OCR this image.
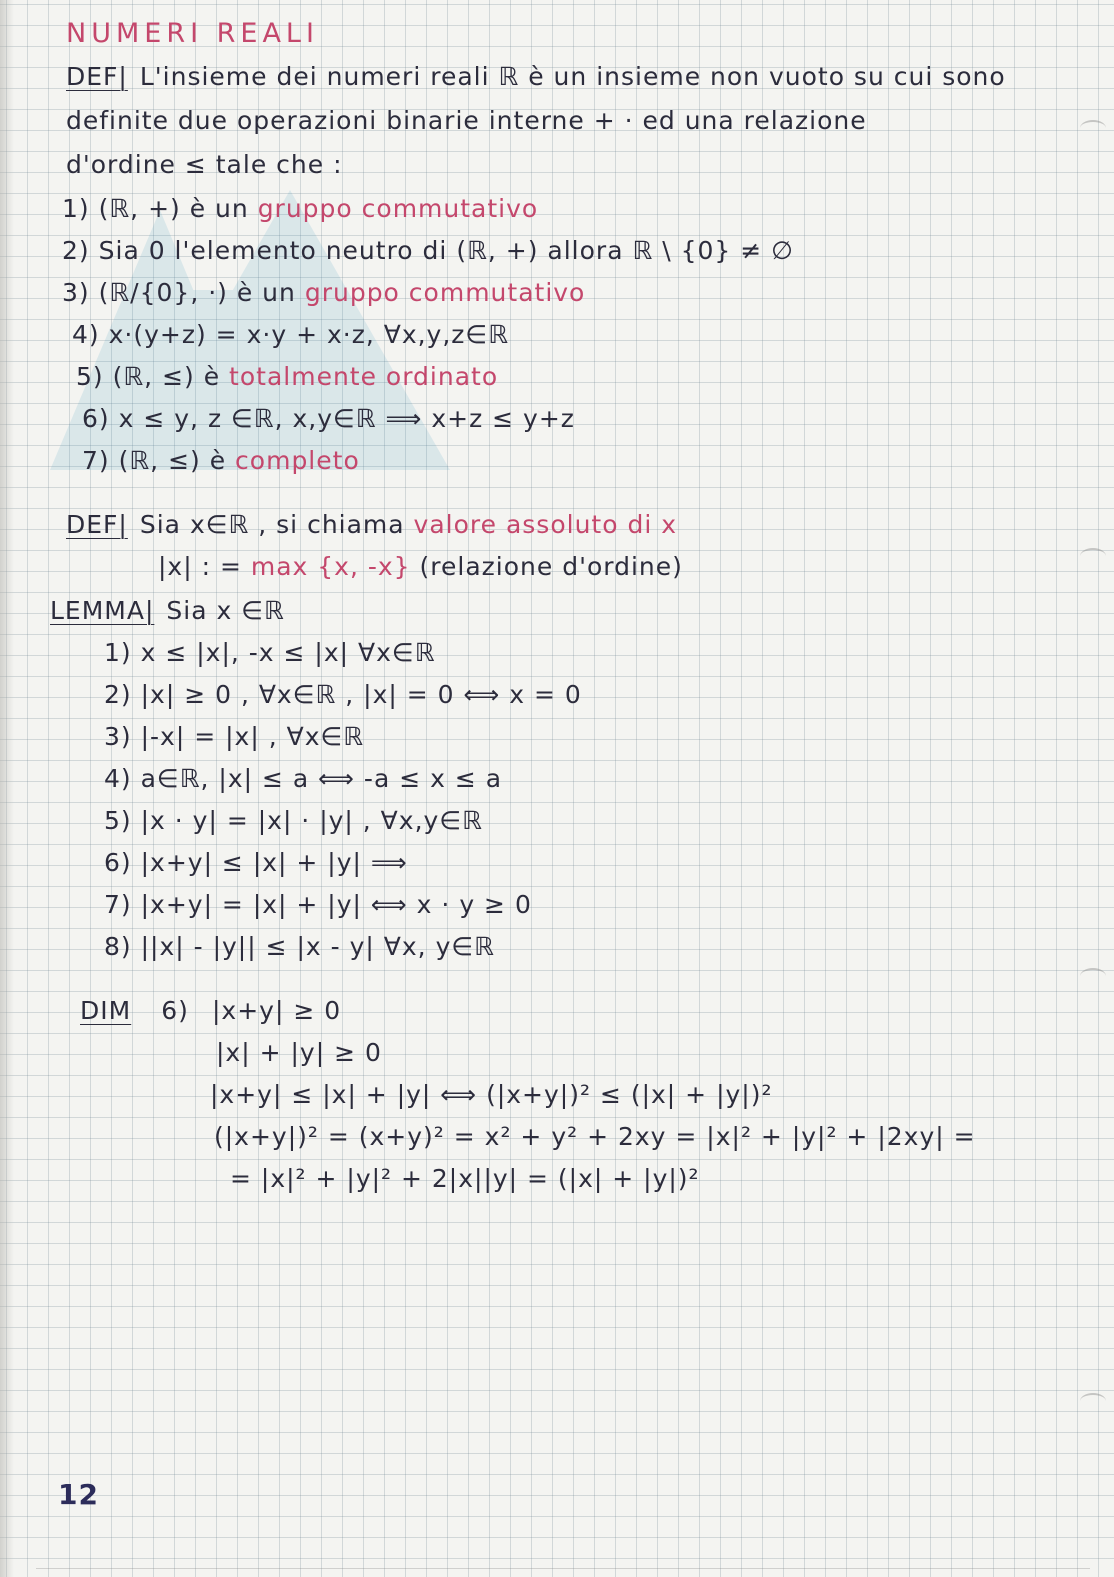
NUMERI REALI
DEF| L'insieme dei numeri reali ℝ è un insieme non vuoto su cui sono
definite due operazioni binarie interne + · ed una relazione
d'ordine ≤ tale che :
1) (ℝ, +) è un gruppo commutativo
2) Sia 0 l'elemento neutro di (ℝ, +) allora ℝ \ {0} ≠ ∅
3) (ℝ/{0}, ·) è un gruppo commutativo
4) x·(y+z) = x·y + x·z, ∀x,y,z∈ℝ
5) (ℝ, ≤) è totalmente ordinato
6) x ≤ y, z ∈ℝ, x,y∈ℝ ⟹ x+z ≤ y+z
7) (ℝ, ≤) è completo
DEF| Sia x∈ℝ , si chiama valore assoluto di x
|x| : = max {x, -x} (relazione d'ordine)
LEMMA| Sia x ∈ℝ
1) x ≤ |x|, -x ≤ |x| ∀x∈ℝ
2) |x| ≥ 0 , ∀x∈ℝ , |x| = 0 ⟺ x = 0
3) |-x| = |x| , ∀x∈ℝ
4) a∈ℝ, |x| ≤ a ⟺ -a ≤ x ≤ a
5) |x · y| = |x| · |y| , ∀x,y∈ℝ
6) |x+y| ≤ |x| + |y| ⟹
7) |x+y| = |x| + |y| ⟺ x · y ≥ 0
8) ||x| - |y|| ≤ |x - y| ∀x, y∈ℝ
DIM 6) |x+y| ≥ 0
|x| + |y| ≥ 0
|x+y| ≤ |x| + |y| ⟺ (|x+y|)² ≤ (|x| + |y|)²
(|x+y|)² = (x+y)² = x² + y² + 2xy = |x|² + |y|² + |2xy| =
= |x|² + |y|² + 2|x||y| = (|x| + |y|)²
12
